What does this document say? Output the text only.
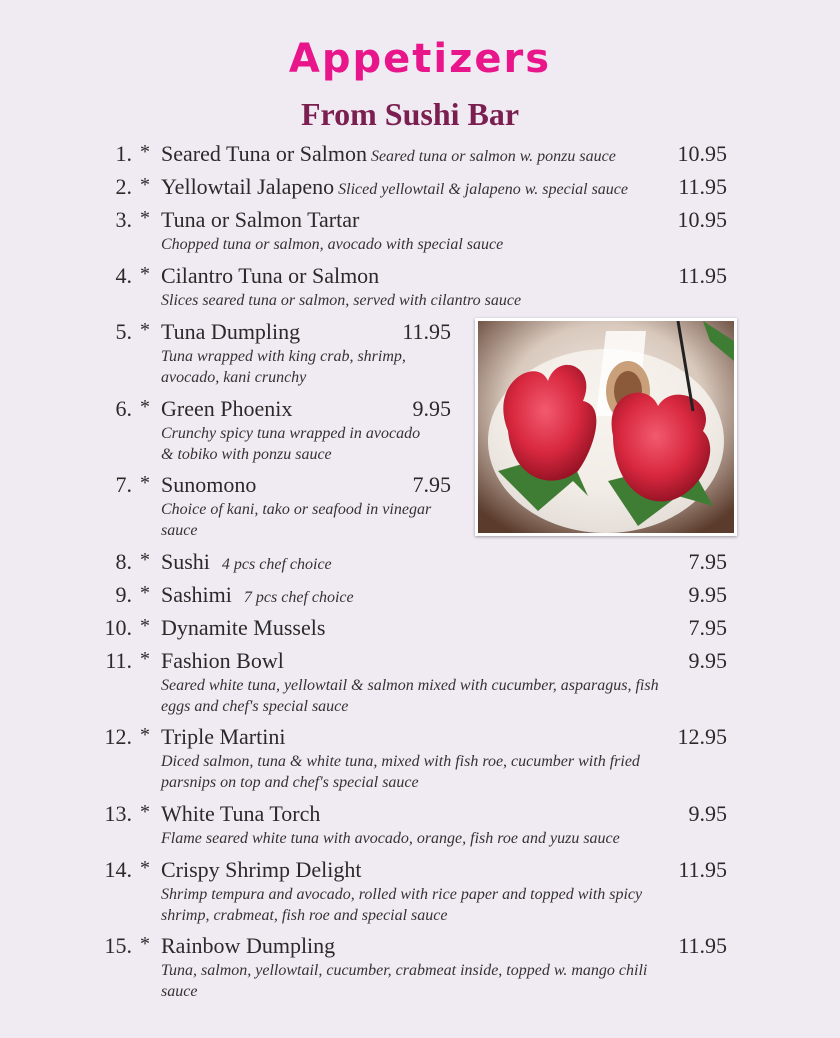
Appetizers
From Sushi Bar
1. * Seared Tuna or Salmon Seared tuna or salmon w. ponzu sauce	10.95
2. * Yellowtail Jalapeno Sliced yellowtail & jalapeno w. special sauce 11.95
3. * Tuna or Salmon Tartar	10.95
Chopped tuna or salmon, avocado with special sauce
4. * Cilantro Tuna or Salmon	11.95
Slices seared tuna or salmon, served with cilantro sauce
5. * Tuna Dumpling	11.95
Tuna wrapped with king crab, shrimp,
avocado, kani crunchy
6. * Green Phoenix	9.95
Crunchy spicy tuna wrapped in avocado
& tobiko with ponzu sauce
7. * Sunomono	7.95
Choice of kani, tako or seafood in vinegar
sauce
8. * Sushi 4 pcs chef choice	7.95
9. * Sashimi 7 pcs chef choice	9.95
10. * Dynamite Mussels	7.95
11. * Fashion Bowl	9.95
Seared white tuna, yellowtail & salmon mixed with cucumber, asparagus, fish
eggs and chef's special sauce
12. * Triple Martini	12.95
Diced salmon, tuna & white tuna, mixed with fish roe, cucumber with fried
parsnips on top and chef's special sauce
13. * White Tuna Torch	9.95
Flame seared white tuna with avocado, orange, fish roe and yuzu sauce
14. * Crispy Shrimp Delight	11.95
Shrimp tempura and avocado, rolled with rice paper and topped with spicy
shrimp, crabmeat, fish roe and special sauce
15. * Rainbow Dumpling	11.95
Tuna, salmon, yellowtail, cucumber, crabmeat inside, topped w. mango chili
sauce
